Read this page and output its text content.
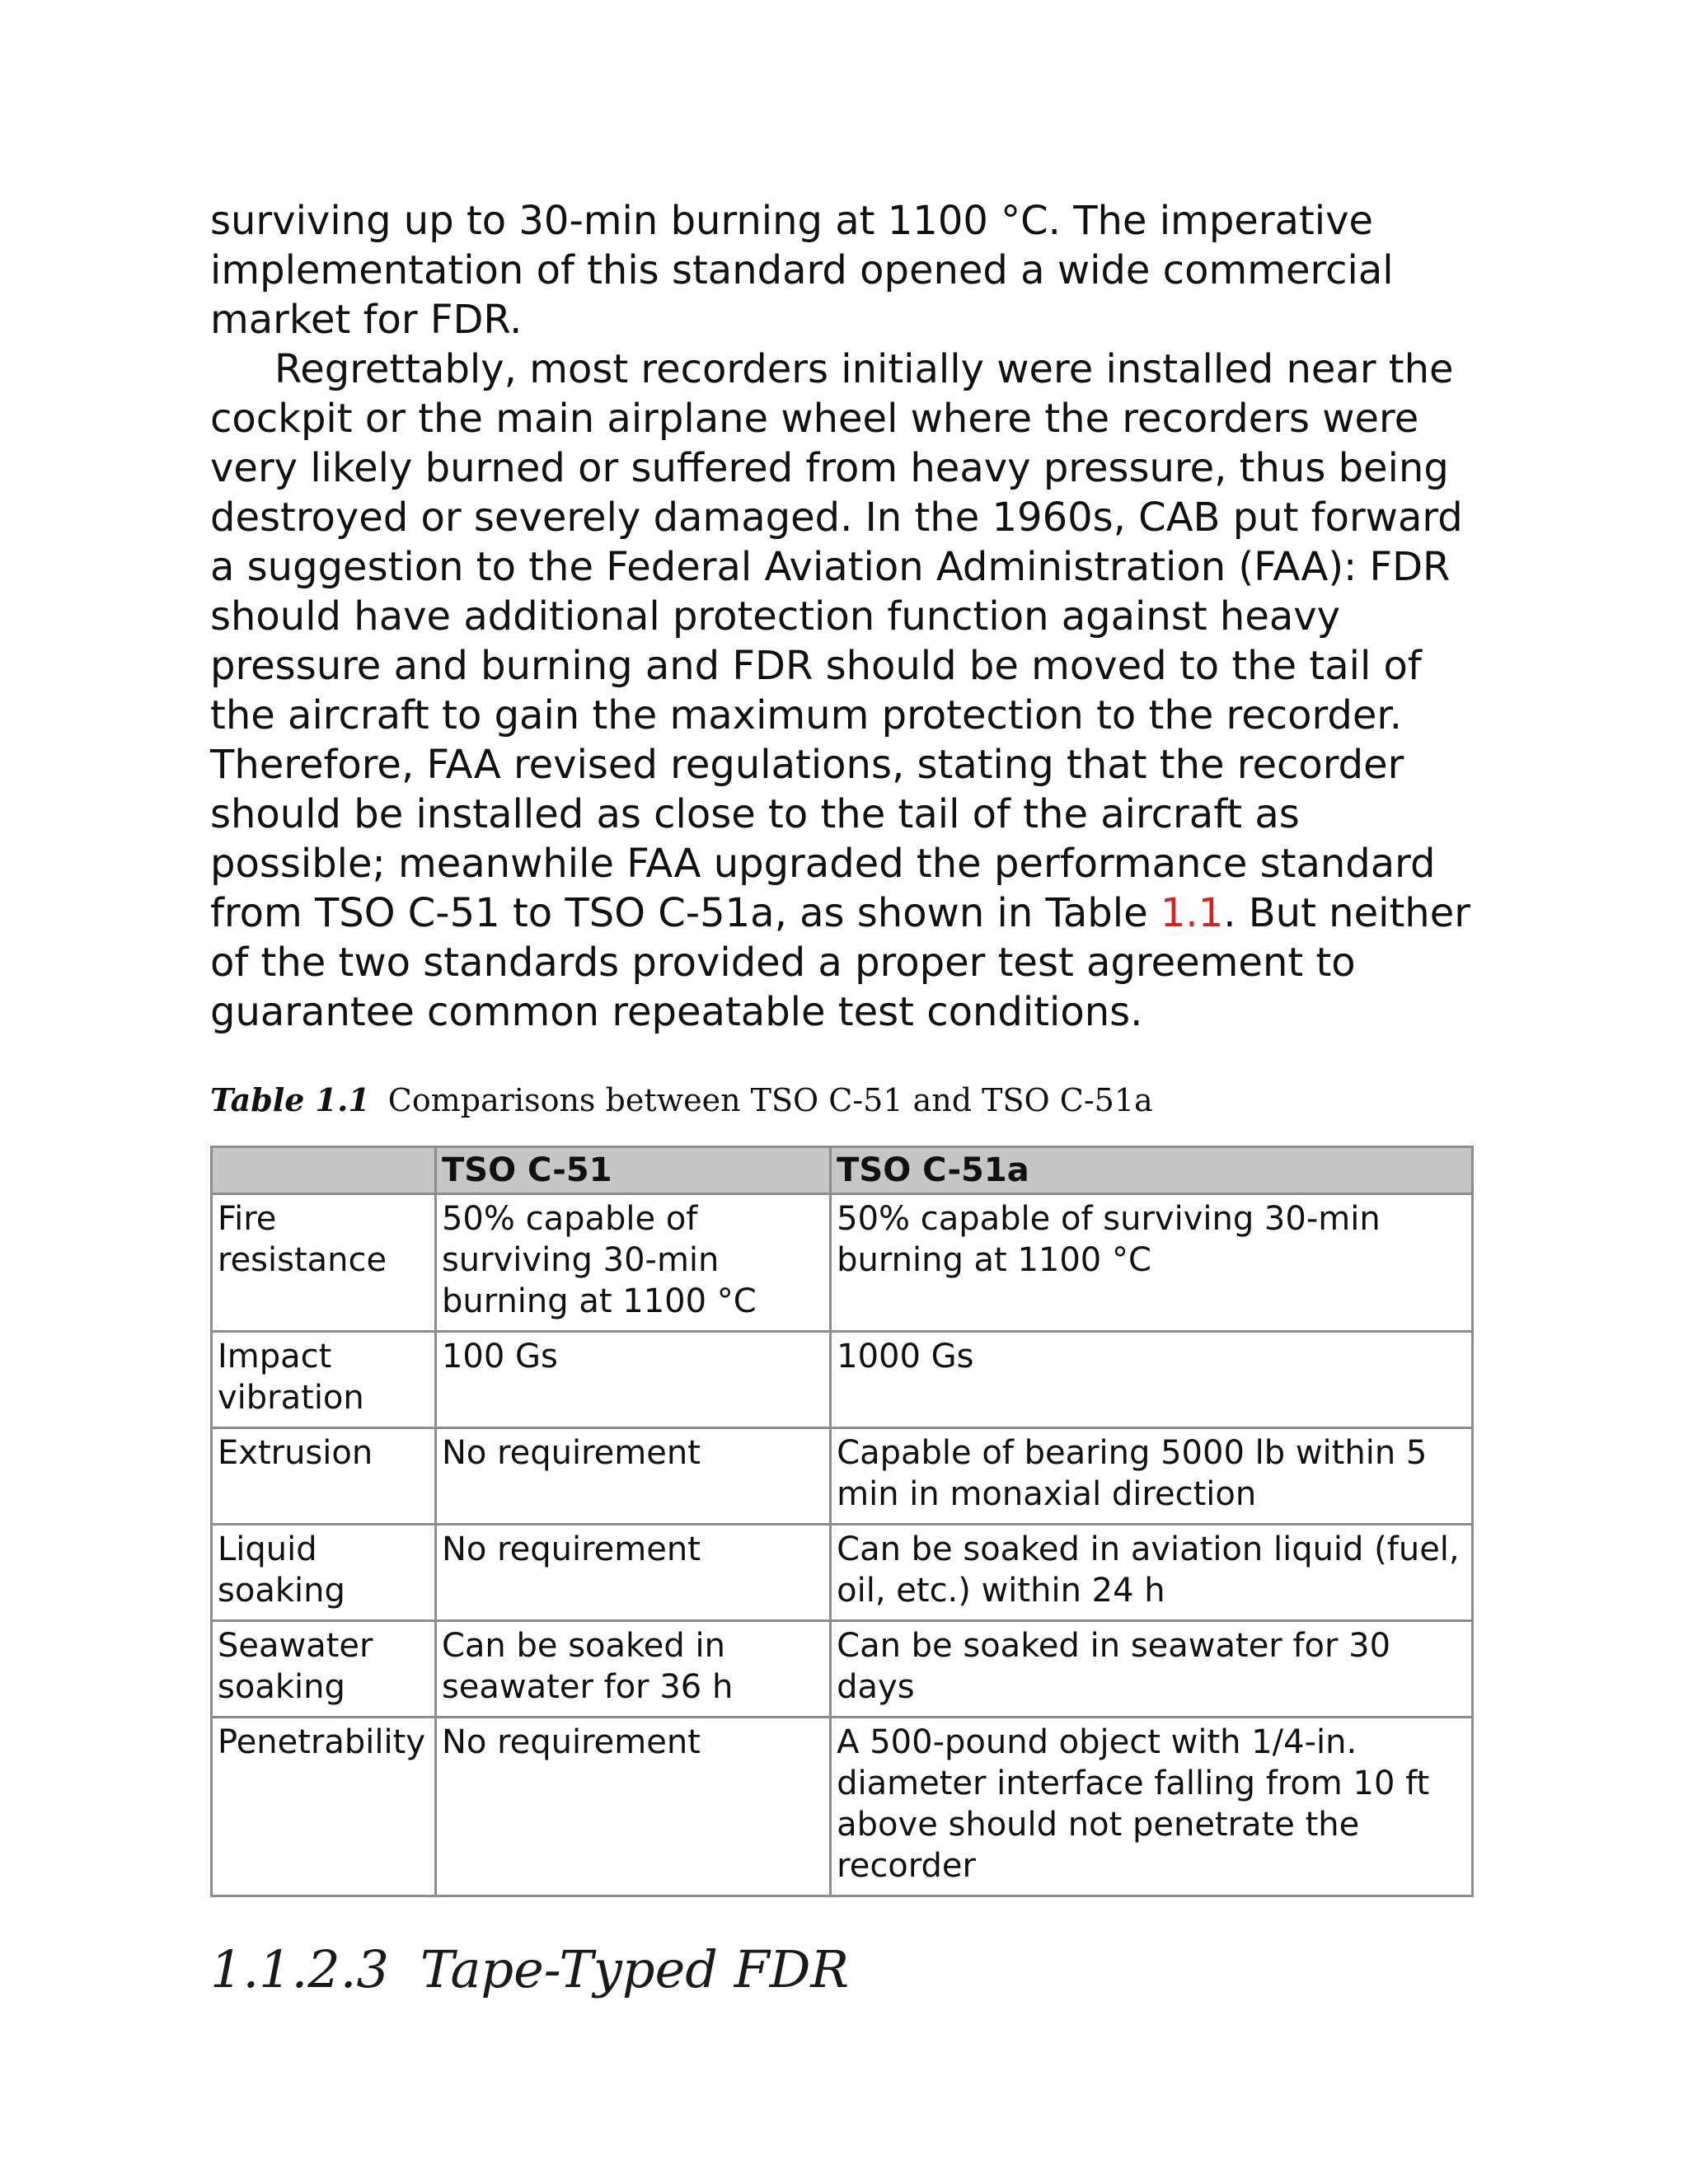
surviving up to 30-min burning at 1100 °C. The imperative implementation of this standard opened a wide commercial market for FDR.

Regrettably, most recorders initially were installed near the cockpit or the main airplane wheel where the recorders were very likely burned or suffered from heavy pressure, thus being destroyed or severely damaged. In the 1960s, CAB put forward a suggestion to the Federal Aviation Administration (FAA): FDR should have additional protection function against heavy pressure and burning and FDR should be moved to the tail of the aircraft to gain the maximum protection to the recorder. Therefore, FAA revised regulations, stating that the recorder should be installed as close to the tail of the aircraft as possible; meanwhile FAA upgraded the performance standard from TSO C-51 to TSO C-51a, as shown in Table 1.1. But neither of the two standards provided a proper test agreement to guarantee common repeatable test conditions.

Table 1.1 Comparisons between TSO C-51 and TSO C-51a
	TSO C-51	TSO C-51a
Fire resistance	50% capable of surviving 30-min burning at 1100 °C	50% capable of surviving 30-min burning at 1100 °C
Impact vibration	100 Gs	1000 Gs
Extrusion	No requirement	Capable of bearing 5000 lb within 5 min in monaxial direction
Liquid soaking	No requirement	Can be soaked in aviation liquid (fuel, oil, etc.) within 24 h
Seawater soaking	Can be soaked in seawater for 36 h	Can be soaked in seawater for 30 days
Penetrability	No requirement	A 500-pound object with 1/4-in. diameter interface falling from 10 ft above should not penetrate the recorder
1.1.2.3 Tape-Typed FDR
